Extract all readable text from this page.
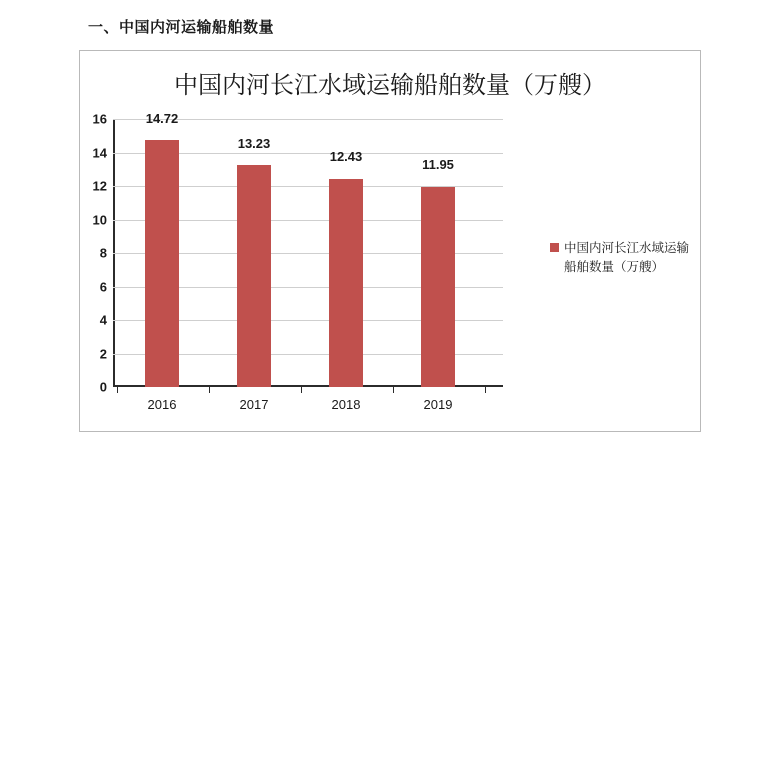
一、中国内河运输船舶数量
中国内河长江水域运输船舶数量（万艘）
16
14
12
10
8
6
4
2
0
14.72
13.23
12.43
11.95
2016	2017	2018	2019
中国内河长江水域运输船舶数量（万艘）
